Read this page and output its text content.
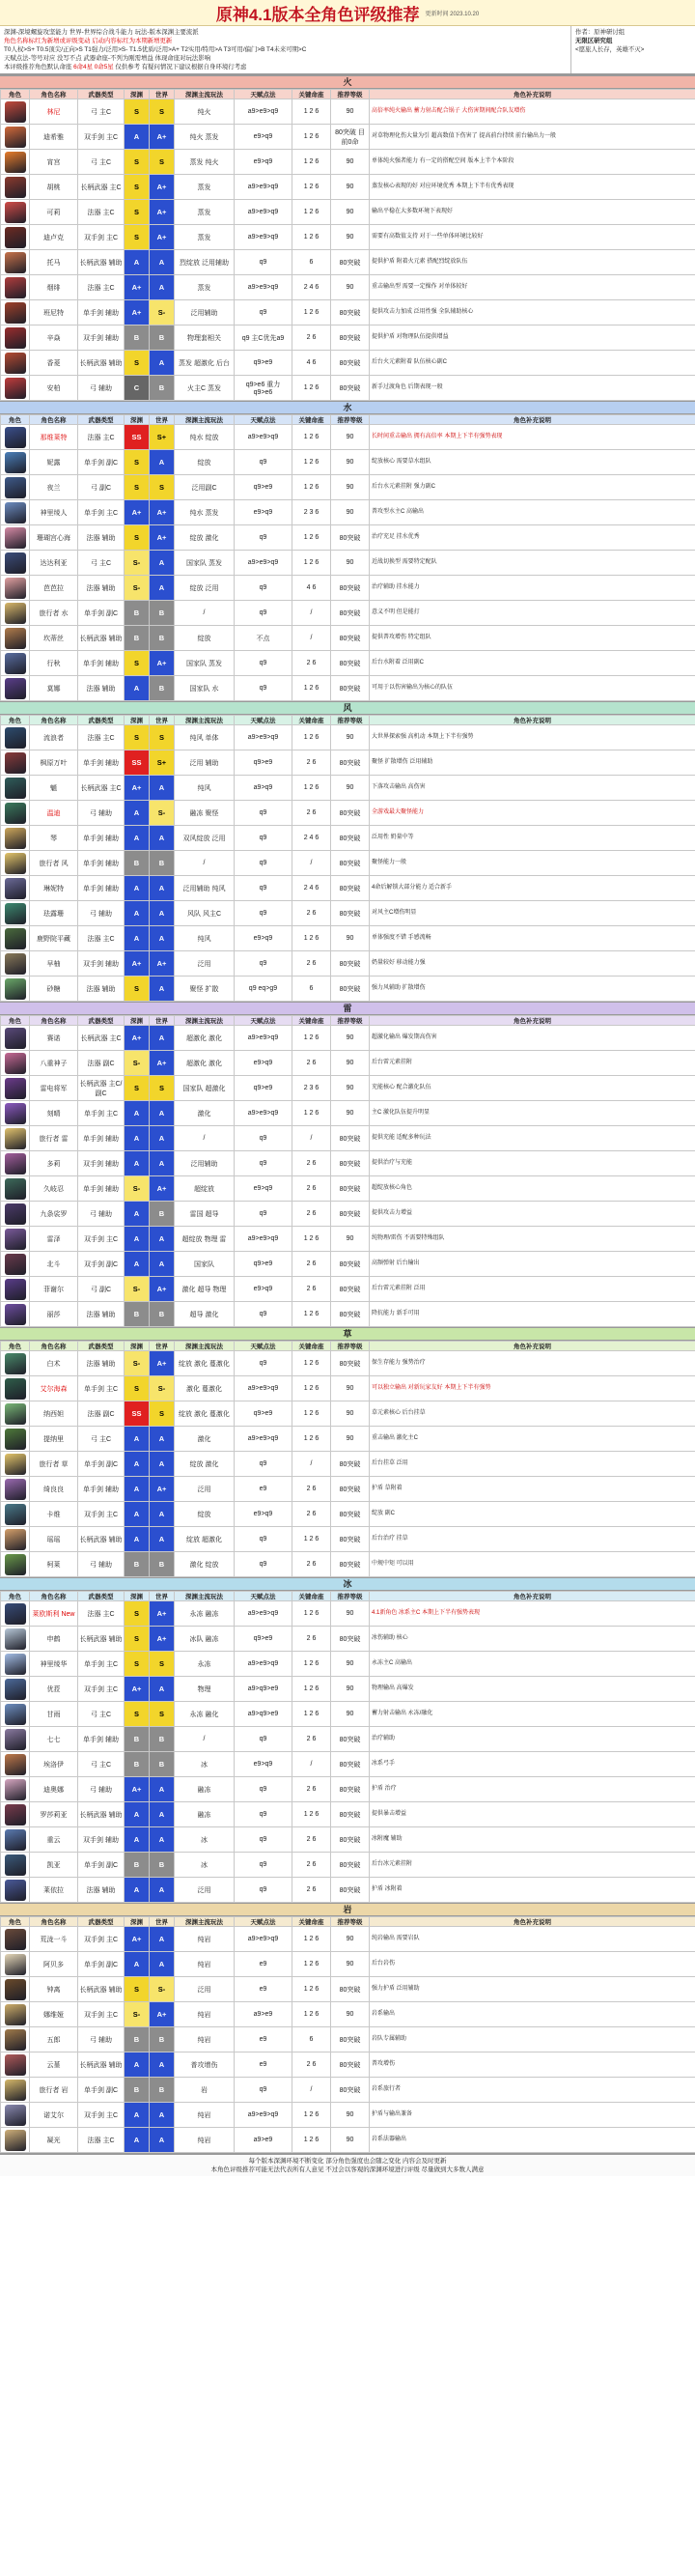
原神4.1版本全角色评级推荐 更新时间 2023.10.20
深渊-深境螺旋攻坚能力 世界-世界综合战斗能力 玩法-版本深渊主要流派
角色名称标红为新增或评级变动 启动内容标红为本期新增更新
T0人权>S+ T0.5顶尖/正向>S T1强力/泛用>S- T1.5优质/泛用>A+ T2实用/特用>A T3可用/偏门>B T4未来可期>C
天赋点法-等号对应 没写不点 武器命座-不列为刚需增益 体现命座对玩法影响
本评级推荐角色默认命座 6命4星 0命5星 仅供参考 有疑问情况下建议根据自身环境行考虑
作者：原神研讨组
无限区研究组
<愿旅人长存，英雄不灭>
火
角色	角色名称	武器类型	深渊	世界	深渊主流玩法	天赋点法	关键命座	推荐等级	角色补充说明

	林尼	弓 主C	S	S	纯火	a9>e9>q9	1 2 6	90	高倍率纯火输出 蓄力射击配合锅子 大伤害期间配合队友增伤

	迪希雅	双手剑 主C	A	A+	纯火 蒸发	e9>q9	1 2 6	80突破 目前0命	对草物理化伤大量为引 超高数值下伤害了 提高前台持续 前台输出力一般

	宵宫	弓 主C	S	S	蒸发 纯火	e9>q9	1 2 6	90	单体纯火强者能力 有一定的搭配空间 版本上半个本阶段

	胡桃	长柄武器 主C	S	A+	蒸发	a9>e9>q9	1 2 6	90	蒸发核心表现的好 对应环境优秀 本期上下半有优秀表现

	可莉	法器 主C	S	A+	蒸发	a9>e9>q9	1 2 6	90	输出平稳在大多数环境下表现好

	迪卢克	双手剑 主C	S	A+	蒸发	a9>e9>q9	1 2 6	90	需要有高数值支持 对于一些单体环境比较好

	托马	长柄武器 辅助	A	A	烈绽放 泛用辅助	q9	6	80突破	提供护盾 附着火元素 搭配烈绽放队伍

	烟绯	法器 主C	A+	A	蒸发	a9>e9>q9	2 4 6	90	重击输出型 需要一定操作 对单体较好

	班尼特	单手剑 辅助	A+	S-	泛用辅助	q9	1 2 6	80突破	提供攻击力加成 泛用性强 全队辅助核心

	辛焱	双手剑 辅助	B	B	物理套相关	q9 主C优先a9	2 6	80突破	提供护盾 对物理队伍提供增益

	香菱	长柄武器 辅助	S	A	蒸发 超激化 后台	q9>e9	4 6	80突破	后台火元素附着 队伍核心副C

	安柏	弓 辅助	C	B	火主C 蒸发	q9>e6 重力 q9>e6	1 2 6	80突破	新手过渡角色 后期表现一般
水
角色	角色名称	武器类型	深渊	世界	深渊主流玩法	天赋点法	关键命座	推荐等级	角色补充说明

	那维莱特	法器 主C	SS	S+	纯水 绽放	a9>e9>q9	1 2 6	90	长时间重击输出 拥有高倍率 本期上下半有强势表现

	妮露	单手剑 副C	S	A	绽放	q9	1 2 6	90	绽放核心 需要草水组队

	夜兰	弓 副C	S	S	泛用副C	q9>e9	1 2 6	90	后台水元素挂附 强力副C

	神里绫人	单手剑 主C	A+	A+	纯水 蒸发	e9>q9	2 3 6	90	普攻型水主C 高输出

	珊瑚宫心海	法器 辅助	S	A+	绽放 激化	q9	1 2 6	80突破	治疗充足 挂水优秀

	达达利亚	弓 主C	S-	A	国家队 蒸发	a9>e9>q9	1 2 6	90	近战切换型 需要特定配队

	芭芭拉	法器 辅助	S-	A	绽放 泛用	q9	4 6	80突破	治疗辅助 挂水能力

	旅行者 水	单手剑 副C	B	B	/	q9	/	80突破	意义不明 但是能打

	坎蒂丝	长柄武器 辅助	B	B	绽放	不点	/	80突破	提供普攻增伤 特定组队

	行秋	单手剑 辅助	S	A+	国家队 蒸发	q9	2 6	80突破	后台水附着 泛用副C

	莫娜	法器 辅助	A	B	国家队 水	q9	1 2 6	80突破	可用于以伤害输出为核心的队伍
风
角色	角色名称	武器类型	深渊	世界	深渊主流玩法	天赋点法	关键命座	推荐等级	角色补充说明

	流浪者	法器 主C	S	S	纯风 单体	a9>e9>q9	1 2 6	90	大世界探索强 高机动 本期上下半有强势

	枫原万叶	单手剑 辅助	SS	S+	泛用 辅助	q9>e9	2 6	80突破	聚怪 扩散增伤 泛用辅助

	魈	长柄武器 主C	A+	A	纯风	a9>q9	1 2 6	90	下落攻击输出 高伤害

	温迪	弓 辅助	A	S-	融冻 聚怪	q9	2 6	80突破	全游戏最大聚怪能力

	琴	单手剑 辅助	A	A	双风绽放 泛用	q9	2 4 6	80突破	泛用性 奶量中等

	旅行者 风	单手剑 辅助	B	B	/	q9	/	80突破	聚怪能力一般

	琳妮特	单手剑 辅助	A	A	泛用辅助 纯风	q9	2 4 6	80突破	4命后解锁大部分能力 适合新手

	珐露珊	弓 辅助	A	A	风队 风主C	q9	2 6	80突破	对风主C增伤明显

	鹿野院平藏	法器 主C	A	A	纯风	e9>q9	1 2 6	90	单体强度不错 手感流畅

	早柚	双手剑 辅助	A+	A+	泛用	q9	2 6	80突破	奶量较好 移动能力强

	砂糖	法器 辅助	S	A	聚怪 扩散	q9 eq>g9	6	80突破	强力风辅助 扩散增伤
雷
角色	角色名称	武器类型	深渊	世界	深渊主流玩法	天赋点法	关键命座	推荐等级	角色补充说明

	赛诺	长柄武器 主C	A+	A	超激化 激化	a9>e9>q9	1 2 6	90	超激化输出 爆发期高伤害

	八重神子	法器 副C	S-	A+	超激化 激化	e9>q9	2 6	90	后台雷元素挂附

	雷电将军	长柄武器 主C/副C	S	S	国家队 超激化	q9>e9	2 3 6	90	充能核心 配合激化队伍

	刻晴	单手剑 主C	A	A	激化	a9>e9>q9	1 2 6	90	主C 激化队伍提升明显

	旅行者 雷	单手剑 辅助	A	A	/	q9	/	80突破	提供充能 适配多种玩法

	多莉	双手剑 辅助	A	A	泛用辅助	q9	2 6	80突破	提供治疗与充能

	久岐忍	单手剑 辅助	S-	A+	超绽放	e9>q9	2 6	80突破	超绽放核心角色

	九条裟罗	弓 辅助	A	B	雷国 超导	q9	2 6	80突破	提供攻击力增益

	雷泽	双手剑 主C	A	A	超绽放 物理 雷	a9>e9>q9	1 2 6	90	纯物理/雷伤 不需要特殊组队

	北斗	双手剑 副C	A	A	国家队	q9>e9	2 6	80突破	高频弹射 后台输出

	菲谢尔	弓 副C	S-	A+	激化 超导 物理	e9>q9	2 6	80突破	后台雷元素挂附 泛用

	丽莎	法器 辅助	B	B	超导 激化	q9	1 2 6	80突破	降抗能力 新手可用
草
角色	角色名称	武器类型	深渊	世界	深渊主流玩法	天赋点法	关键命座	推荐等级	角色补充说明

	白术	法器 辅助	S-	A+	绽放 激化 蔓激化	q9	1 2 6	80突破	保生存能力 强势治疗

	艾尔海森	单手剑 主C	S	S-	激化 蔓激化	a9>e9>q9	1 2 6	90	可以独立输出 对新玩家友好 本期上下半有强势

	纳西妲	法器 副C	SS	S	绽放 激化 蔓激化	q9>e9	1 2 6	90	草元素核心 后台挂草

	提纳里	弓 主C	A	A	激化	a9>e9>q9	1 2 6	90	重击输出 激化主C

	旅行者 草	单手剑 副C	A	A	绽放 激化	q9	/	80突破	后台挂草 泛用

	绮良良	单手剑 辅助	A	A+	泛用	e9	2 6	80突破	护盾 草附着

	卡维	双手剑 主C	A	A	绽放	e9>q9	2 6	80突破	绽放 副C

	瑶瑶	长柄武器 辅助	A	A	绽放 超激化	q9	1 2 6	80突破	后台治疗 挂草

	柯莱	弓 辅助	B	B	激化 绽放	q9	2 6	80突破	中规中矩 可以用
冰
角色	角色名称	武器类型	深渊	世界	深渊主流玩法	天赋点法	关键命座	推荐等级	角色补充说明

	莱欧斯利 New	法器 主C	S	A+	永冻 融冻	a9>e9>q9	1 2 6	90	4.1新角色 冰系主C 本期上下半有强势表现

	申鹤	长柄武器 辅助	S	A+	冰队 融冻	q9>e9	2 6	80突破	冰伤辅助 核心

	神里绫华	单手剑 主C	S	S	永冻	a9>e9>q9	1 2 6	90	永冻主C 高输出

	优菈	双手剑 主C	A+	A	物理	a9>q9>e9	1 2 6	90	物理输出 高爆发

	甘雨	弓 主C	S	S	永冻 融化	a9>q9>e9	1 2 6	90	蓄力射击输出 永冻/融化

	七七	单手剑 辅助	B	B	/	q9	2 6	80突破	治疗辅助

	埃洛伊	弓 主C	B	B	冰	e9>q9	/	80突破	冰系弓手

	迪奥娜	弓 辅助	A+	A	融冻	q9	2 6	80突破	护盾 治疗

	罗莎莉亚	长柄武器 辅助	A	A	融冻	q9	1 2 6	80突破	提供暴击增益

	重云	双手剑 辅助	A	A	冰	q9	2 6	80突破	冰附魔 辅助

	凯亚	单手剑 副C	B	B	冰	q9	2 6	80突破	后台冰元素挂附

	莱依拉	法器 辅助	A	A	泛用	q9	2 6	80突破	护盾 冰附着
岩
角色	角色名称	武器类型	深渊	世界	深渊主流玩法	天赋点法	关键命座	推荐等级	角色补充说明

	荒泷一斗	双手剑 主C	A+	A	纯岩	a9>e9>q9	1 2 6	90	纯岩输出 需要岩队

	阿贝多	单手剑 副C	A	A	纯岩	e9	1 2 6	90	后台岩伤

	钟离	长柄武器 辅助	S	S-	泛用	e9	1 2 6	80突破	强力护盾 泛用辅助

	娜维娅	双手剑 主C	S-	A+	纯岩	a9>e9	1 2 6	90	岩系输出

	五郎	弓 辅助	B	B	纯岩	e9	6	80突破	岩队专属辅助

	云堇	长柄武器 辅助	A	A	普攻增伤	e9	2 6	80突破	普攻增伤

	旅行者 岩	单手剑 副C	B	B	岩	q9	/	80突破	岩系旅行者

	诺艾尔	双手剑 主C	A	A	纯岩	a9>e9>q9	1 2 6	90	护盾与输出兼备

	凝光	法器 主C	A	A	纯岩	a9>e9	1 2 6	90	岩系法器输出
每个版本深渊环境不断变化 部分角色强度也会随之变化 内容会及时更新
本角色评级推荐可能无法代表所有人意见 不过会以客观的深渊环境进行评级 尽量做到大多数人满意
